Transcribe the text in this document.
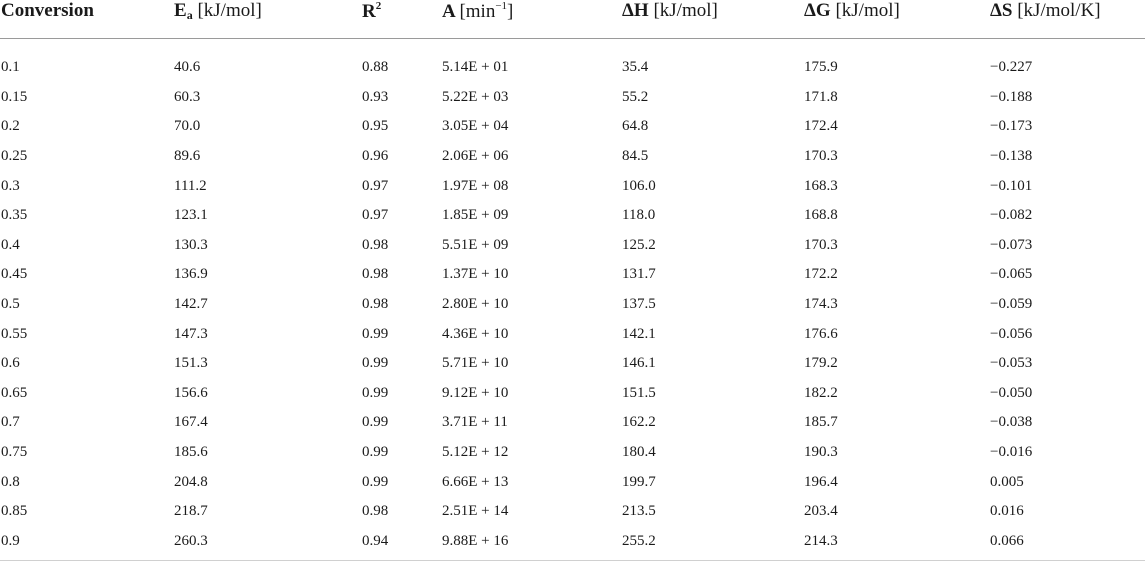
Conversion	$E_a$ [kJ/mol]	$R^2$	A $[\min^{-1}]$	ΔH [kJ/mol]	ΔG [kJ/mol]	ΔS [kJ/mol/K]
0.1	40.6	0.88	5.14E + 01	35.4	175.9	−0.227
0.15	60.3	0.93	5.22E + 03	55.2	171.8	−0.188
0.2	70.0	0.95	3.05E + 04	64.8	172.4	−0.173
0.25	89.6	0.96	2.06E + 06	84.5	170.3	−0.138
0.3	111.2	0.97	1.97E + 08	106.0	168.3	−0.101
0.35	123.1	0.97	1.85E + 09	118.0	168.8	−0.082
0.4	130.3	0.98	5.51E + 09	125.2	170.3	−0.073
0.45	136.9	0.98	1.37E + 10	131.7	172.2	−0.065
0.5	142.7	0.98	2.80E + 10	137.5	174.3	−0.059
0.55	147.3	0.99	4.36E + 10	142.1	176.6	−0.056
0.6	151.3	0.99	5.71E + 10	146.1	179.2	−0.053
0.65	156.6	0.99	9.12E + 10	151.5	182.2	−0.050
0.7	167.4	0.99	3.71E + 11	162.2	185.7	−0.038
0.75	185.6	0.99	5.12E + 12	180.4	190.3	−0.016
0.8	204.8	0.99	6.66E + 13	199.7	196.4	0.005
0.85	218.7	0.98	2.51E + 14	213.5	203.4	0.016
0.9	260.3	0.94	9.88E + 16	255.2	214.3	0.066
